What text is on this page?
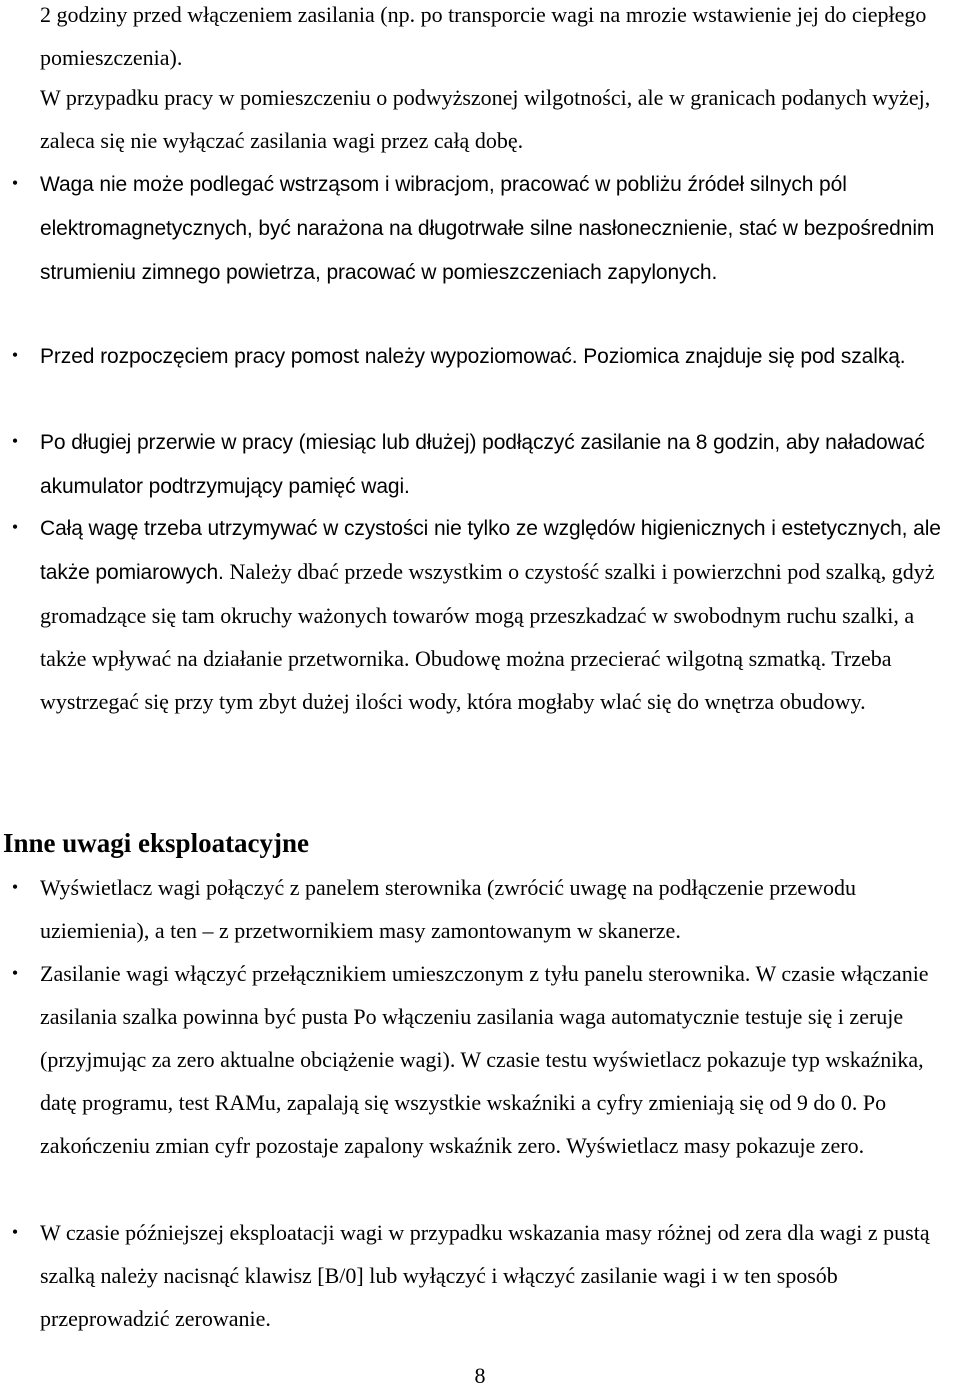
2 godziny przed włączeniem zasilania (np. po transporcie wagi na mrozie wstawienie jej do ciepłego pomieszczenia).

W przypadku pracy w pomieszczeniu o podwyższonej wilgotności, ale w granicach podanych wyżej, zaleca się nie wyłączać zasilania wagi przez całą dobę.

•	Waga nie może podlegać wstrząsom i wibracjom, pracować w pobliżu źródeł silnych pól elektromagnetycznych, być narażona na długotrwałe silne nasłonecznienie, stać w bezpośrednim strumieniu zimnego powietrza, pracować w pomieszczeniach zapylonych.
•	Przed rozpoczęciem pracy pomost należy wypoziomować. Poziomica znajduje się pod szalką.
•	Po długiej przerwie w pracy (miesiąc lub dłużej) podłączyć zasilanie na 8 godzin, aby naładować akumulator podtrzymujący pamięć wagi.
•	Całą wagę trzeba utrzymywać w czystości nie tylko ze względów higienicznych i estetycznych, ale także pomiarowych. Należy dbać przede wszystkim o czystość szalki i powierzchni pod szalką, gdyż gromadzące się tam okruchy ważonych towarów mogą przeszkadzać w swobodnym ruchu szalki, a także wpływać na działanie przetwornika. Obudowę można przecierać wilgotną szmatką. Trzeba wystrzegać się przy tym zbyt dużej ilości wody, która mogłaby wlać się do wnętrza obudowy.
Inne uwagi eksploatacyjne
• Wyświetlacz wagi połączyć z panelem sterownika (zwrócić uwagę na podłączenie przewodu uziemienia), a ten – z przetwornikiem masy zamontowanym w skanerze.
• Zasilanie wagi włączyć przełącznikiem umieszczonym z tyłu panelu sterownika. W czasie włączanie zasilania szalka powinna być pusta Po włączeniu zasilania waga automatycznie testuje się i zeruje (przyjmując za zero aktualne obciążenie wagi). W czasie testu wyświetlacz pokazuje typ wskaźnika, datę programu, test RAMu, zapalają się wszystkie wskaźniki a cyfry zmieniają się od 9 do 0. Po zakończeniu zmian cyfr pozostaje zapalony wskaźnik zero. Wyświetlacz masy pokazuje zero.
• W czasie późniejszej eksploatacji wagi w przypadku wskazania masy różnej od zera dla wagi z pustą szalką należy nacisnąć klawisz [B/0] lub wyłączyć i włączyć zasilanie wagi i w ten sposób przeprowadzić zerowanie.
8
